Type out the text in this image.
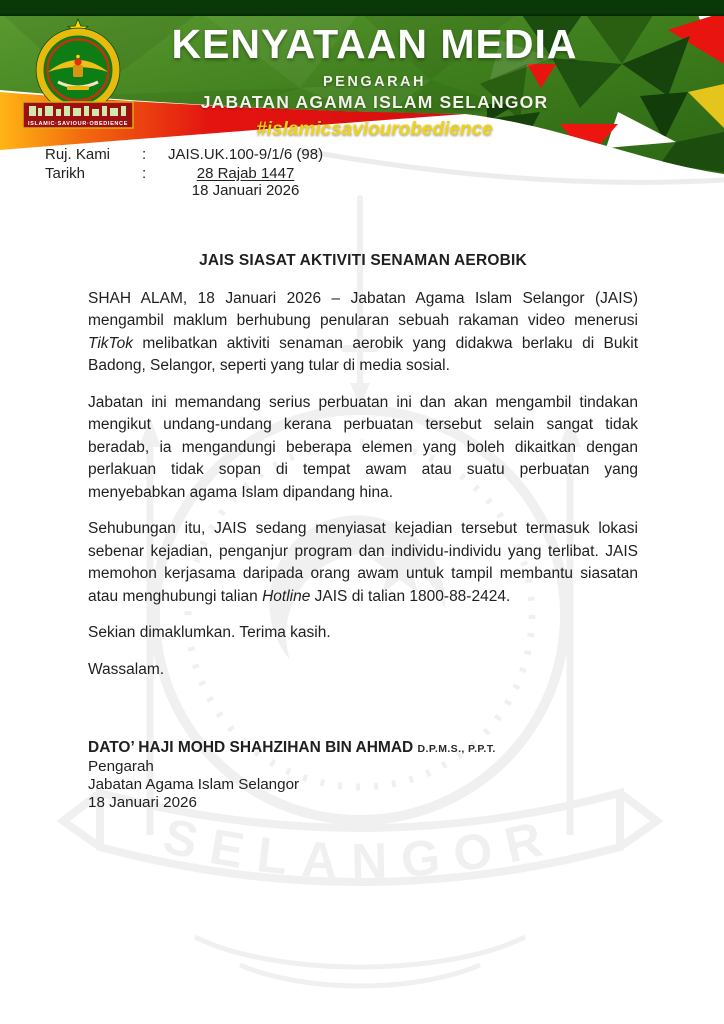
SELANGOR
ISLAMIC·SAVIOUR·OBEDIENCE
KENYATAAN MEDIA
PENGARAH
JABATAN AGAMA ISLAM SELANGOR
#islamicsaviourobedience
Ruj. Kami	:	JAIS.UK.100-9/1/6 (98)
Tarikh	:	28 Rajab 1447
18 Januari 2026

JAIS SIASAT AKTIVITI SENAMAN AEROBIK

SHAH ALAM, 18 Januari 2026 – Jabatan Agama Islam Selangor (JAIS) mengambil maklum berhubung penularan sebuah rakaman video menerusi TikTok melibatkan aktiviti senaman aerobik yang didakwa berlaku di Bukit Badong, Selangor, seperti yang tular di media sosial.

Jabatan ini memandang serius perbuatan ini dan akan mengambil tindakan mengikut undang-undang kerana perbuatan tersebut selain sangat tidak beradab, ia mengandungi beberapa elemen yang boleh dikaitkan dengan perlakuan tidak sopan di tempat awam atau suatu perbuatan yang menyebabkan agama Islam dipandang hina.

Sehubungan itu, JAIS sedang menyiasat kejadian tersebut termasuk lokasi sebenar kejadian, penganjur program dan individu-individu yang terlibat. JAIS memohon kerjasama daripada orang awam untuk tampil membantu siasatan atau menghubungi talian Hotline JAIS di talian 1800-88-2424.

Sekian dimaklumkan. Terima kasih.

Wassalam.

DATO’ HAJI MOHD SHAHZIHAN BIN AHMAD D.P.M.S., P.P.T.
Pengarah
Jabatan Agama Islam Selangor
18 Januari 2026
